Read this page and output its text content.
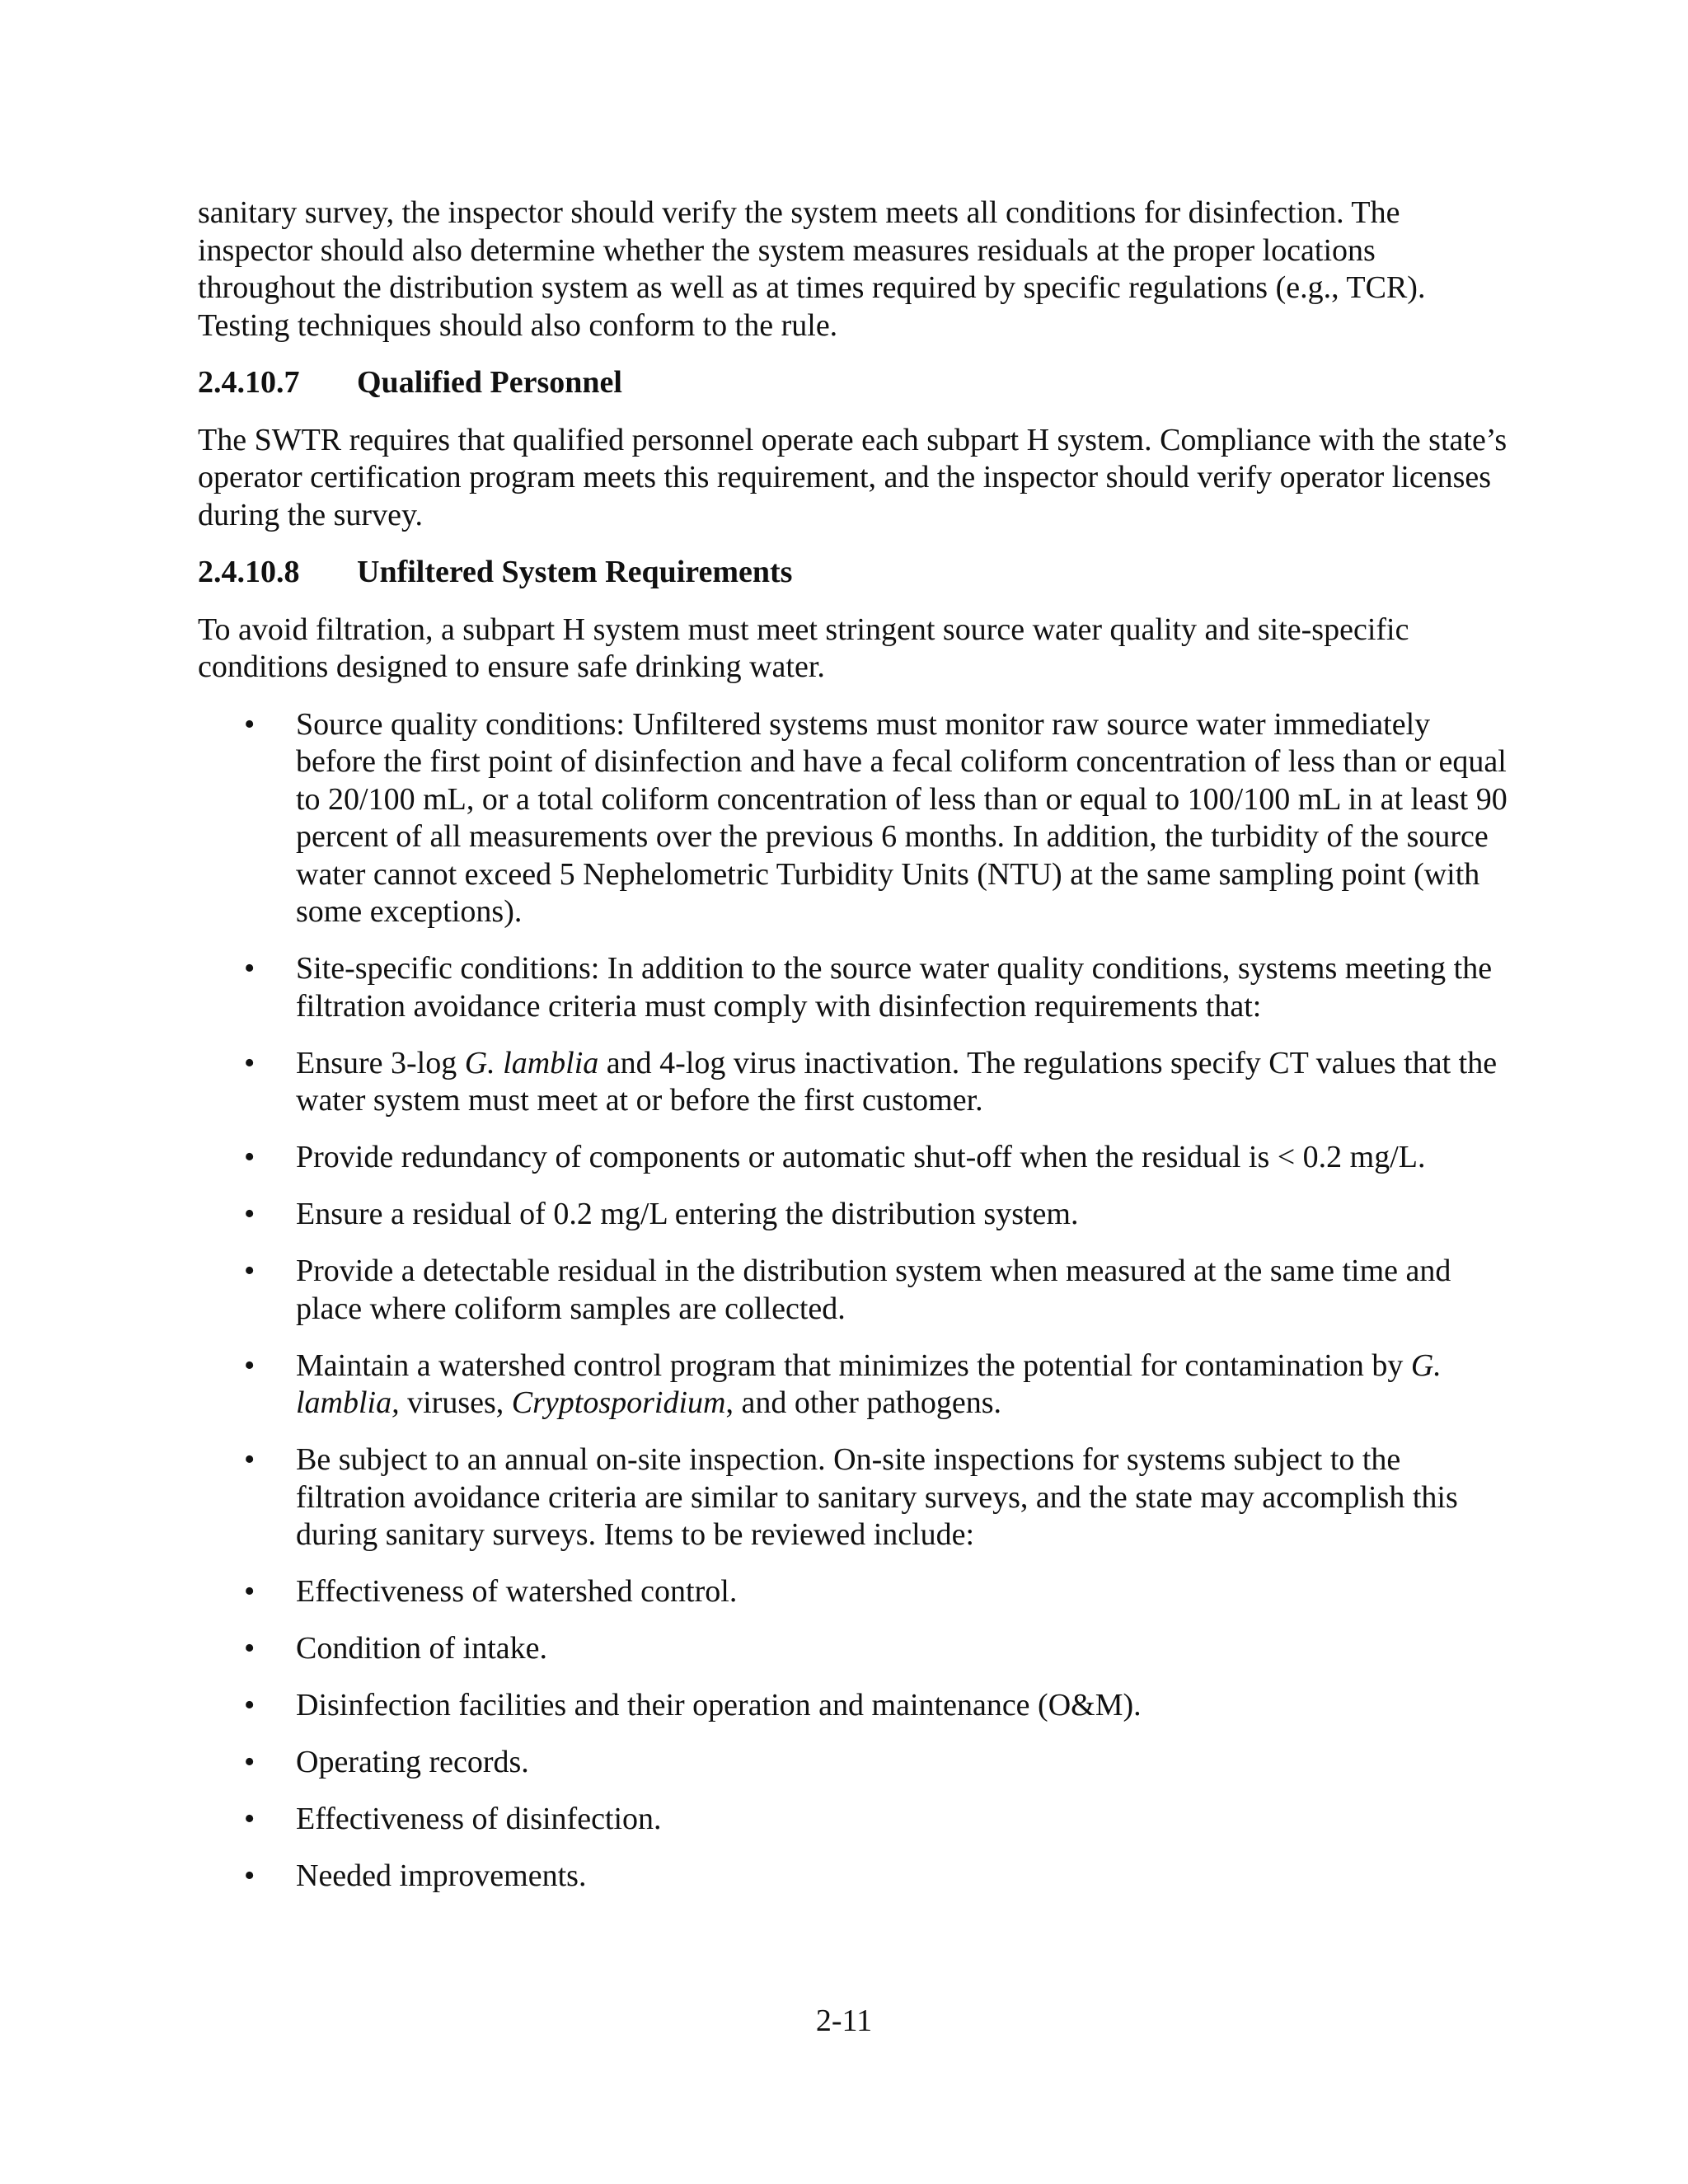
sanitary survey, the inspector should verify the system meets all conditions for disinfection. The inspector should also determine whether the system measures residuals at the proper locations throughout the distribution system as well as at times required by specific regulations (e.g., TCR). Testing techniques should also conform to the rule.

2.4.10.7	Qualified Personnel

The SWTR requires that qualified personnel operate each subpart H system. Compliance with the state’s operator certification program meets this requirement, and the inspector should verify operator licenses during the survey.

2.4.10.8	Unfiltered System Requirements

To avoid filtration, a subpart H system must meet stringent source water quality and site-specific conditions designed to ensure safe drinking water.

•	Source quality conditions: Unfiltered systems must monitor raw source water immediately before the first point of disinfection and have a fecal coliform concentration of less than or equal to 20/100 mL, or a total coliform concentration of less than or equal to 100/100 mL in at least 90 percent of all measurements over the previous 6 months. In addition, the turbidity of the source water cannot exceed 5 Nephelometric Turbidity Units (NTU) at the same sampling point (with some exceptions).
•	Site-specific conditions: In addition to the source water quality conditions, systems meeting the filtration avoidance criteria must comply with disinfection requirements that:
•	Ensure 3-log G. lamblia and 4-log virus inactivation. The regulations specify CT values that the water system must meet at or before the first customer.
•	Provide redundancy of components or automatic shut-off when the residual is < 0.2 mg/L.
•	Ensure a residual of 0.2 mg/L entering the distribution system.
•	Provide a detectable residual in the distribution system when measured at the same time and place where coliform samples are collected.
•	Maintain a watershed control program that minimizes the potential for contamination by G. lamblia, viruses, Cryptosporidium, and other pathogens.
•	Be subject to an annual on-site inspection. On-site inspections for systems subject to the filtration avoidance criteria are similar to sanitary surveys, and the state may accomplish this during sanitary surveys. Items to be reviewed include:
•	Effectiveness of watershed control.
•	Condition of intake.
•	Disinfection facilities and their operation and maintenance (O&M).
•	Operating records.
•	Effectiveness of disinfection.
•	Needed improvements.
2-11
